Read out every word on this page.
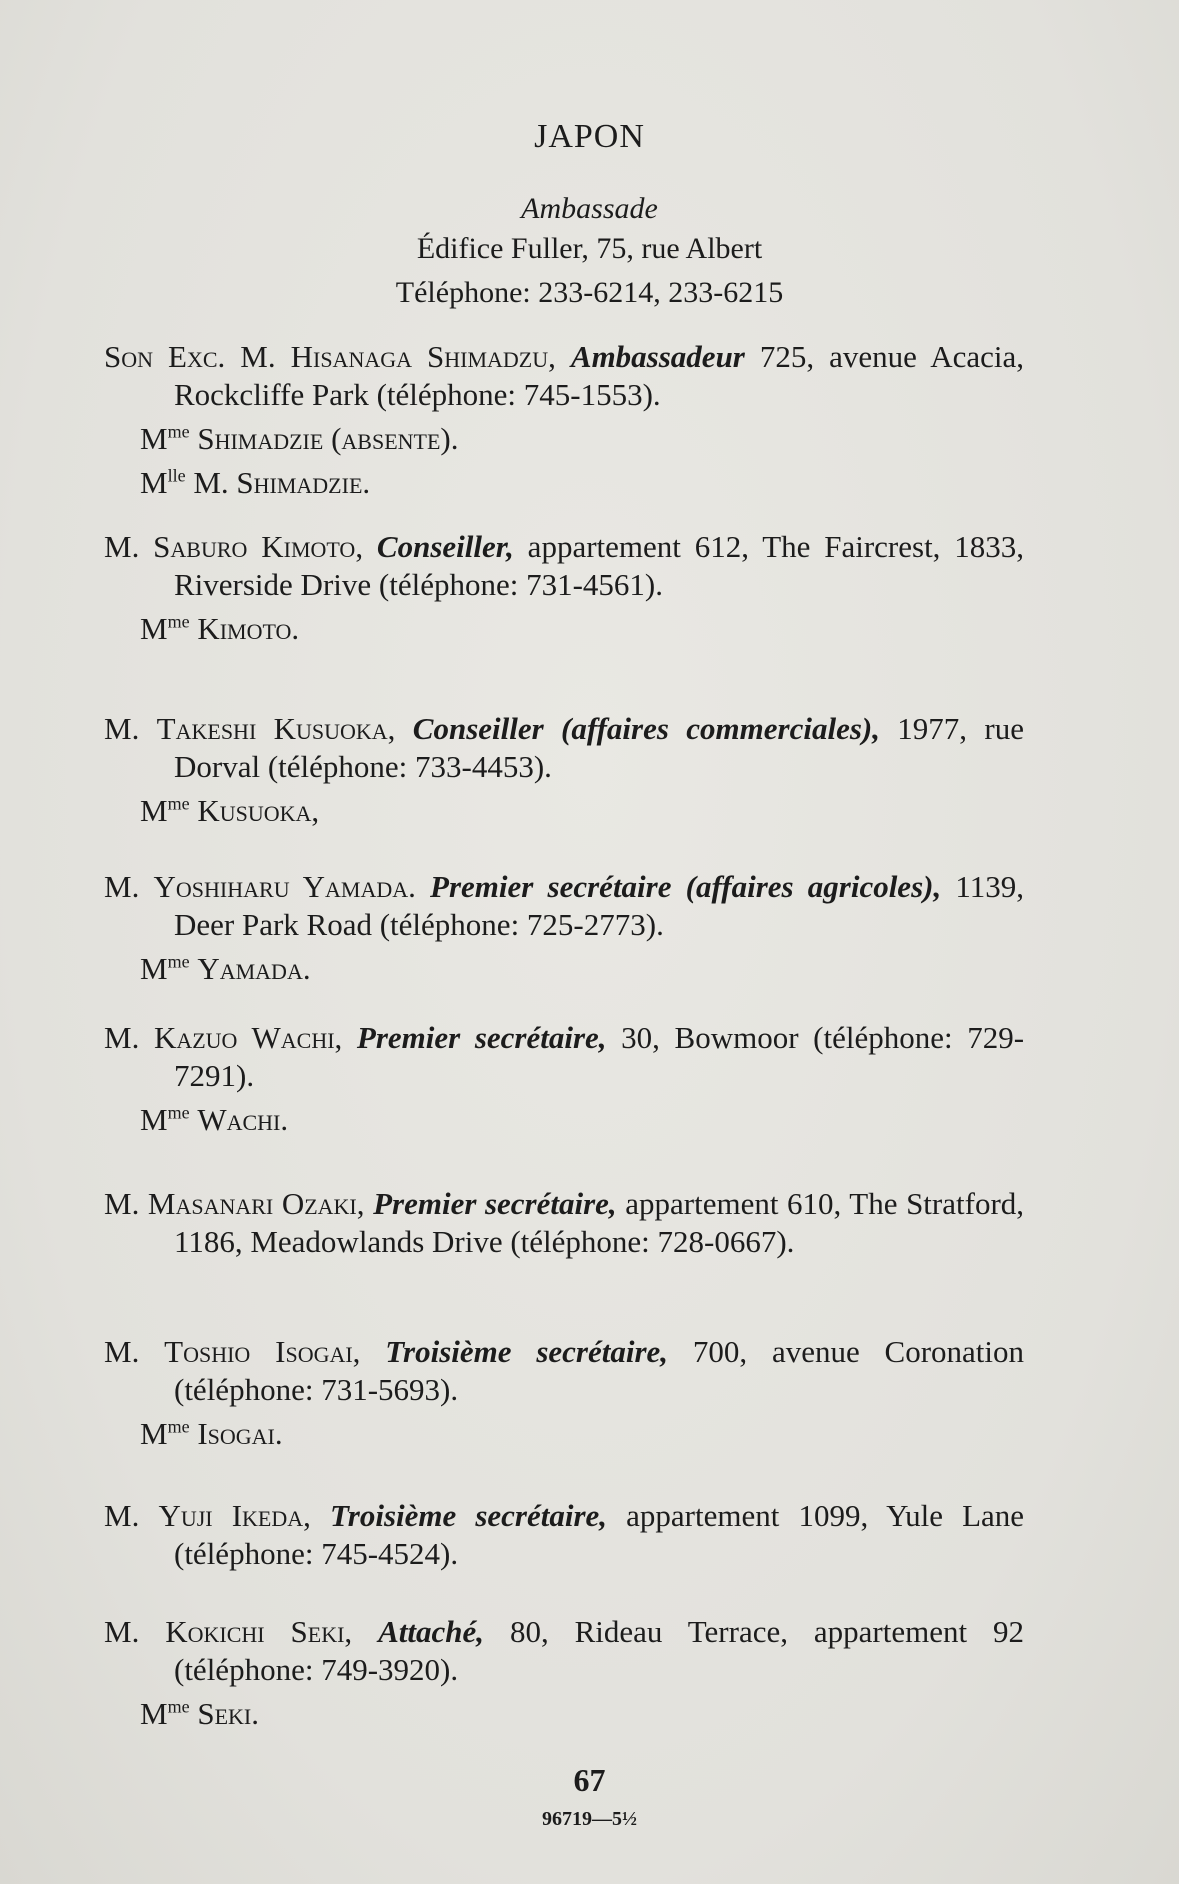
JAPON
Ambassade
Édifice Fuller, 75, rue Albert
Téléphone: 233-6214, 233-6215
Son Exc. M. Hisanaga Shimadzu, Ambassadeur 725, avenue Acacia, Rockcliffe Park (téléphone: 745-1553).
$M^{me}$ Shimadzie (absente).
$M^{lle}$ M. Shimadzie.
M. Saburo Kimoto, Conseiller, appartement 612, The Faircrest, 1833, Riverside Drive (téléphone: 731-4561).
$M^{me}$ Kimoto.
M. Takeshi Kusuoka, Conseiller (affaires commerciales), 1977, rue Dorval (téléphone: 733-4453).
$M^{me}$ Kusuoka,
M. Yoshiharu Yamada. Premier secrétaire (affaires agricoles), 1139, Deer Park Road (téléphone: 725-2773).
$M^{me}$ Yamada.
M. Kazuo Wachi, Premier secrétaire, 30, Bowmoor (téléphone: 729-7291).
$M^{me}$ Wachi.
M. Masanari Ozaki, Premier secrétaire, appartement 610, The Stratford, 1186, Meadowlands Drive (téléphone: 728-0667).
M. Toshio Isogai, Troisième secrétaire, 700, avenue Coronation (téléphone: 731-5693).
$M^{me}$ Isogai.
M. Yuji Ikeda, Troisième secrétaire, appartement 1099, Yule Lane (téléphone: 745-4524).
M. Kokichi Seki, Attaché, 80, Rideau Terrace, appartement 92 (téléphone: 749-3920).
$M^{me}$ Seki.
67
96719—5½
